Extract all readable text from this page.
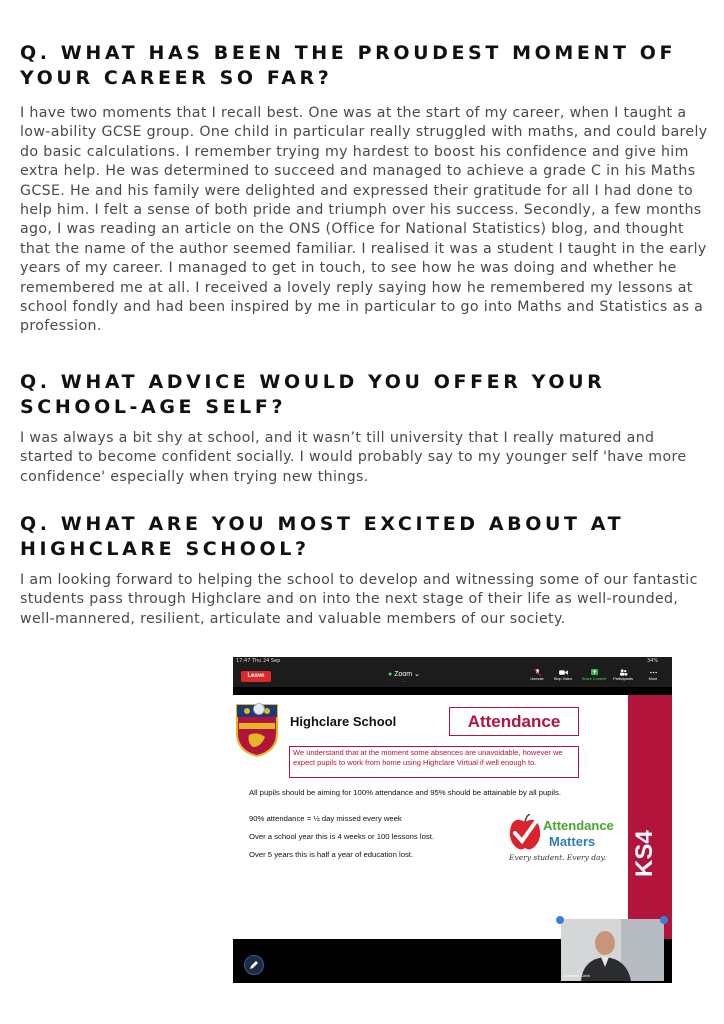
Q. WHAT HAS BEEN THE PROUDEST MOMENT OF YOUR CAREER SO FAR?
I have two moments that I recall best. One was at the start of my career, when I taught a low-ability GCSE group. One child in particular really struggled with maths, and could barely do basic calculations. I remember trying my hardest to boost his confidence and give him extra help. He was determined to succeed and managed to achieve a grade C in his Maths GCSE. He and his family were delighted and expressed their gratitude for all I had done to help him. I felt a sense of both pride and triumph over his success. Secondly, a few months ago, I was reading an article on the ONS (Office for National Statistics) blog, and thought that the name of the author seemed familiar. I realised it was a student I taught in the early years of my career. I managed to get in touch, to see how he was doing and whether he remembered me at all. I received a lovely reply saying how he remembered my lessons at school fondly and had been inspired by me in particular to go into Maths and Statistics as a profession.
Q. WHAT ADVICE WOULD YOU OFFER YOUR SCHOOL-AGE SELF?
I was always a bit shy at school, and it wasn’t till university that I really matured and started to become confident socially. I would probably say to my younger self 'have more confidence' especially when trying new things.
Q. WHAT ARE YOU MOST EXCITED ABOUT AT HIGHCLARE SCHOOL?
I am looking forward to helping the school to develop and witnessing some of our fantastic students pass through Highclare and on into the next stage of their life as well-rounded, well-mannered, resilient, articulate and valuable members of our society.
17:47 Thu 24 Sep	34%
Leave	● Zoom ⌄
‒	Unmute	Stop Video	Share Content	Participants	More
KS4
Highclare School	Attendance
We understand that at the moment some absences are unavoidable, however we expect pupils to work from home using Highclare Virtual if well enough to.
All pupils should be aiming for 100% attendance and 95% should be attainable by all pupils.
90% attendance = ½ day missed every week
Over a school year this is 4 weeks or 100 lessons lost.
Over 5 years this is half a year of education lost.
Attendance
Matters
Every student. Every day.
Matthew Cobb
